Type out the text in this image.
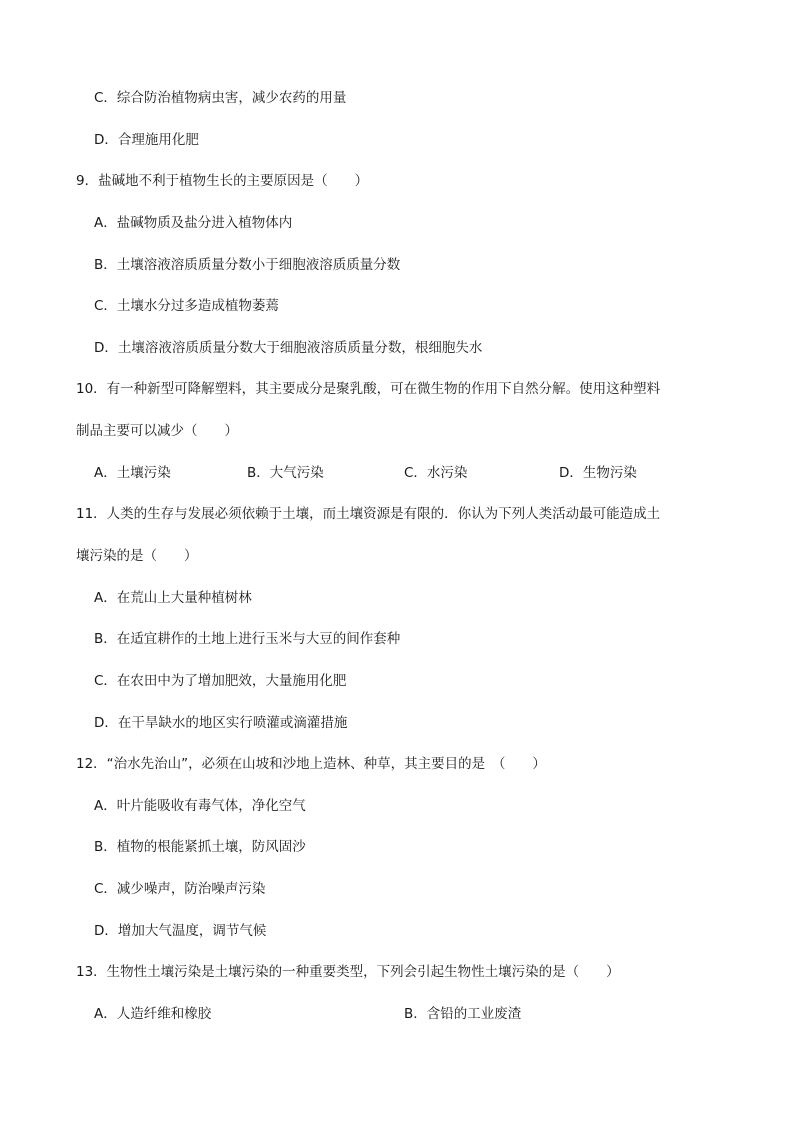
C．综合防治植物病虫害，减少农药的用量
D．合理施用化肥
9．盐碱地不利于植物生长的主要原因是（　　）
A．盐碱物质及盐分进入植物体内
B．土壤溶液溶质质量分数小于细胞液溶质质量分数
C．土壤水分过多造成植物萎蔫
D．土壤溶液溶质质量分数大于细胞液溶质质量分数，根细胞失水
10．有一种新型可降解塑料，其主要成分是聚乳酸，可在微生物的作用下自然分解。使用这种塑料
制品主要可以减少（　　）
A．土壤污染	B．大气污染	C．水污染	D．生物污染
11．人类的生存与发展必须依赖于土壤，而土壤资源是有限的．你认为下列人类活动最可能造成土
壤污染的是（　　）
A．在荒山上大量种植树林
B．在适宜耕作的土地上进行玉米与大豆的间作套种
C．在农田中为了增加肥效，大量施用化肥
D．在干旱缺水的地区实行喷灌或滴灌措施
12．“治水先治山”，必须在山坡和沙地上造林、种草，其主要目的是　（　　）
A．叶片能吸收有毒气体，净化空气
B．植物的根能紧抓土壤，防风固沙
C．减少噪声，防治噪声污染
D．增加大气温度，调节气候
13．生物性土壤污染是土壤污染的一种重要类型，下列会引起生物性土壤污染的是（　　）
A．人造纤维和橡胶	B．含铅的工业废渣
